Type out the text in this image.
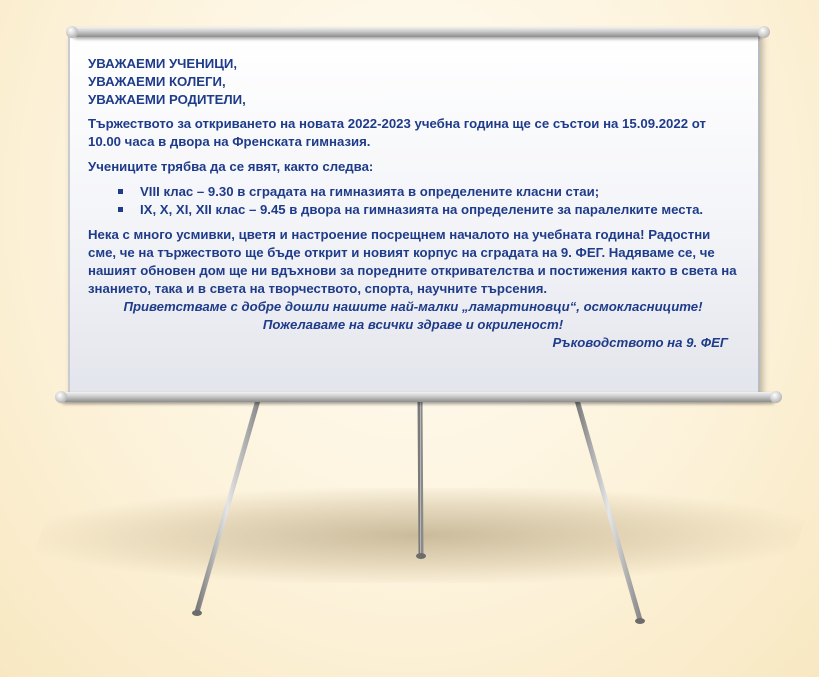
УВАЖАЕМИ УЧЕНИЦИ,

УВАЖАЕМИ КОЛЕГИ,

УВАЖАЕМИ РОДИТЕЛИ,

Тържеството за откриването на новата 2022-2023 учебна година ще се състои на 15.09.2022 от 10.00 часа в двора на Френската гимназия.

Учениците трябва да се явят, както следва:

VIII клас – 9.30 в сградата на гимназията в определените класни стаи;
IX, X, XI, XII клас – 9.45 в двора на гимназията на определените за паралелките места.

Нека с много усмивки, цветя и настроение посрещнем началото на учебната година! Радостни сме, че на тържеството ще бъде открит и новият корпус на сградата на 9. ФЕГ. Надяваме се, че нашият обновен дом ще ни вдъхнови за поредните откривателства и постижения както в света на знанието, така и в света на творчеството, спорта, научните търсения.

Приветстваме с добре дошли нашите най-малки „ламартиновци“, осмокласниците!

Пожелаваме на всички здраве и окриленост!

Ръководството на 9. ФЕГ
